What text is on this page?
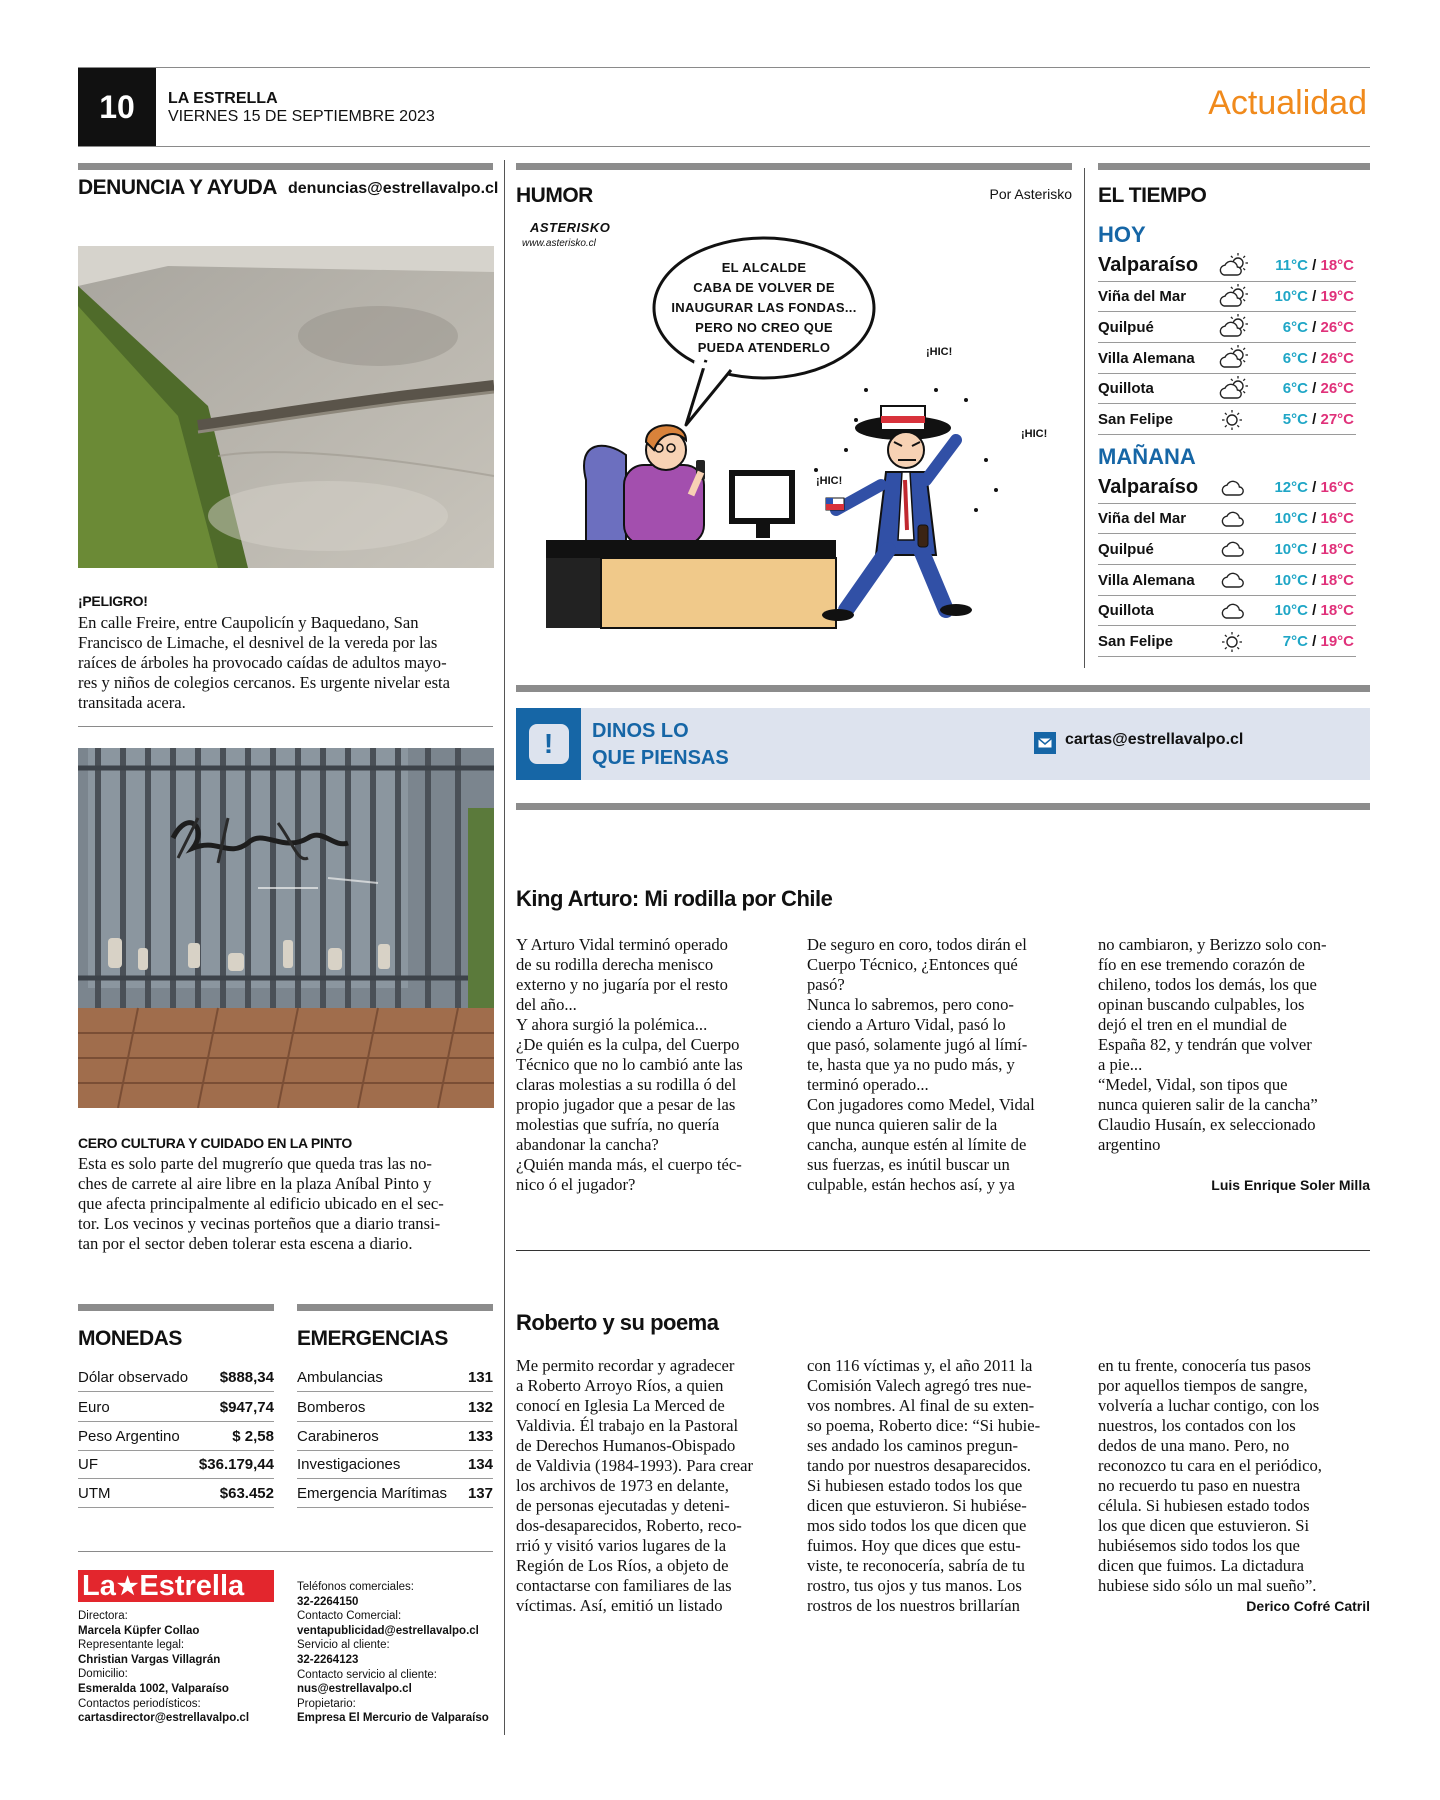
10	LA ESTRELLA
VIERNES 15 DE SEPTIEMBRE 2023	Actualidad
DENUNCIA Y AYUDA denuncias@estrellavalpo.cl
¡PELIGRO!
En calle Freire, entre Caupolicín y Baquedano, San
Francisco de Limache, el desnivel de la vereda por las
raíces de árboles ha provocado caídas de adultos mayo-
res y niños de colegios cercanos. Es urgente nivelar esta
transitada acera.
CERO CULTURA Y CUIDADO EN LA PINTO
Esta es solo parte del mugrerío que queda tras las no-
ches de carrete al aire libre en la plaza Aníbal Pinto y
que afecta principalmente al edificio ubicado en el sec-
tor. Los vecinos y vecinas porteños que a diario transi-
tan por el sector deben tolerar esta escena a diario.
MONEDAS
Dólar observado $888,34
Euro	$947,74
Peso Argentino	$ 2,58
UF	$36.179,44
UTM	$63.452
EMERGENCIAS
Ambulancias	131
Bomberos	132
Carabineros	133
Investigaciones	134
Emergencia Marítimas 137
La ★ Estrella
Directora:
Marcela Küpfer Collao
Representante legal:
Christian Vargas Villagrán
Domicilio:
Esmeralda 1002, Valparaíso
Contactos periodísticos:
cartasdirector@estrellavalpo.cl
Teléfonos comerciales:
32-2264150
Contacto Comercial:
ventapublicidad@estrellavalpo.cl
Servicio al cliente:
32-2264123
Contacto servicio al cliente:
nus@estrellavalpo.cl
Propietario:
Empresa El Mercurio de Valparaíso
HUMOR	Por Asterisko
ASTERISKO
www.asterisko.cl
EL ALCALDE
CABA DE VOLVER DE
INAUGURAR LAS FONDAS...
PERO NO CREO QUE
PUEDA ATENDERLO	¡HIC!
¡HIC!
¡HIC!
EL TIEMPO
HOY
MAÑANA
Valparaíso	11°C / 18°C
Viña del Mar	10°C / 19°C
Quilpué	6°C / 26°C
Villa Alemana	6°C / 26°C
Quillota	6°C / 26°C
San Felipe	5°C / 27°C
Valparaíso	12°C / 16°C
Viña del Mar	10°C / 16°C
Quilpué	10°C / 18°C
Villa Alemana	10°C / 18°C
Quillota	10°C / 18°C
San Felipe	7°C / 19°C
!	DINOS LO
QUE PIENSAS
cartas@estrellavalpo.cl
King Arturo: Mi rodilla por Chile
Y Arturo Vidal terminó operado
de su rodilla derecha menisco
externo y no jugaría por el resto
del año...
Y ahora surgió la polémica...
¿De quién es la culpa, del Cuerpo
Técnico que no lo cambió ante las
claras molestias a su rodilla ó del
propio jugador que a pesar de las
molestias que sufría, no quería
abandonar la cancha?
¿Quién manda más, el cuerpo téc-
nico ó el jugador?
De seguro en coro, todos dirán el
Cuerpo Técnico, ¿Entonces qué
pasó?
Nunca lo sabremos, pero cono-
ciendo a Arturo Vidal, pasó lo
que pasó, solamente jugó al límí-
te, hasta que ya no pudo más, y
terminó operado...
Con jugadores como Medel, Vidal
que nunca quieren salir de la
cancha, aunque estén al límite de
sus fuerzas, es inútil buscar un
culpable, están hechos así, y ya
no cambiaron, y Berizzo solo con-
fío en ese tremendo corazón de
chileno, todos los demás, los que
opinan buscando culpables, los
dejó el tren en el mundial de
España 82, y tendrán que volver
a pie...
“Medel, Vidal, son tipos que
nunca quieren salir de la cancha”
Claudio Husaín, ex seleccionado
argentino
Luis Enrique Soler Milla
Roberto y su poema
Me permito recordar y agradecer
a Roberto Arroyo Ríos, a quien
conocí en Iglesia La Merced de
Valdivia. Él trabajo en la Pastoral
de Derechos Humanos-Obispado
de Valdivia (1984-1993). Para crear
los archivos de 1973 en delante,
de personas ejecutadas y deteni-
dos-desaparecidos, Roberto, reco-
rrió y visitó varios lugares de la
Región de Los Ríos, a objeto de
contactarse con familiares de las
víctimas. Así, emitió un listado
con 116 víctimas y, el año 2011 la
Comisión Valech agregó tres nue-
vos nombres. Al final de su exten-
so poema, Roberto dice: “Si hubie-
ses andado los caminos pregun-
tando por nuestros desaparecidos.
Si hubiesen estado todos los que
dicen que estuvieron. Si hubiése-
mos sido todos los que dicen que
fuimos. Hoy que dices que estu-
viste, te reconocería, sabría de tu
rostro, tus ojos y tus manos. Los
rostros de los nuestros brillarían
en tu frente, conocería tus pasos
por aquellos tiempos de sangre,
volvería a luchar contigo, con los
nuestros, los contados con los
dedos de una mano. Pero, no
reconozco tu cara en el periódico,
no recuerdo tu paso en nuestra
célula. Si hubiesen estado todos
los que dicen que estuvieron. Si
hubiésemos sido todos los que
dicen que fuimos. La dictadura
hubiese sido sólo un mal sueño”.
Derico Cofré Catril
